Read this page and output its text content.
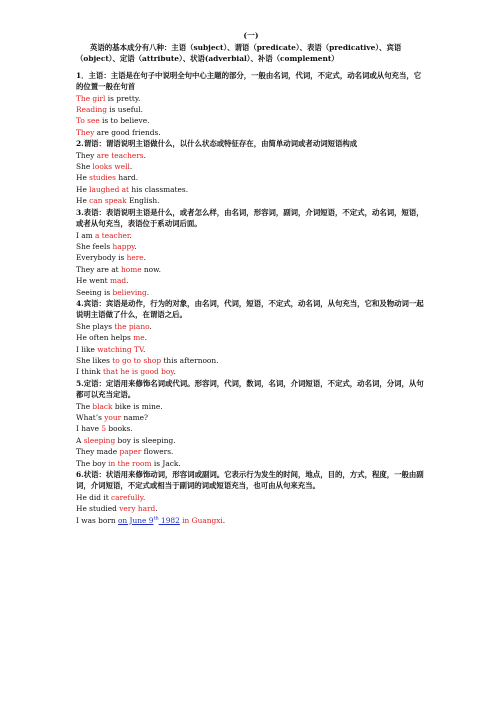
(一)

英语的基本成分有八种：主语（subject）、谓语（predicate）、表语（predicative）、宾语（object）、定语（attribute）、状语(adverbial）、补语（complement）

1．主语：主语是在句子中说明全句中心主题的部分，一般由名词，代词，不定式，动名词或从句充当，它的位置一般在句首

The girl is pretty.

Reading is useful.

To see is to believe.

They are good friends.

2.谓语：谓语说明主语做什么，以什么状态或特征存在，由简单动词或者动词短语构成

They are teachers.

She looks well.

He studies hard.

He laughed at his classmates.

He can speak English.

3.表语：表语说明主语是什么，或者怎么样，由名词，形容词，副词，介词短语，不定式，动名词，短语，或者从句充当，表语位于系动词后面。

I am a teacher.

She feels happy.

Everybody is here.

They are at home now.

He went mad.

Seeing is believing.

4.宾语：宾语是动作，行为的对象，由名词，代词，短语，不定式，动名词，从句充当，它和及物动词一起说明主语做了什么，在谓语之后。

She plays the piano.

He often helps me.

I like watching TV.

She likes to go to shop this afternoon.

I think that he is good boy.

5.定语：定语用来修饰名词或代词。形容词，代词，数词，名词，介词短语，不定式，动名词，分词，从句都可以充当定语。

The black bike is mine.

What’s your name?

I have 5 books.

A sleeping boy is sleeping.

They made paper flowers.

The boy in the room is Jack.

6.状语：状语用来修饰动词，形容词或副词。它表示行为发生的时间，地点，目的，方式，程度，一般由副词，介词短语，不定式或相当于副词的词或短语充当，也可由从句来充当。

He did it carefully.

He studied very hard.

I was born on June 9th 1982 in Guangxi.
